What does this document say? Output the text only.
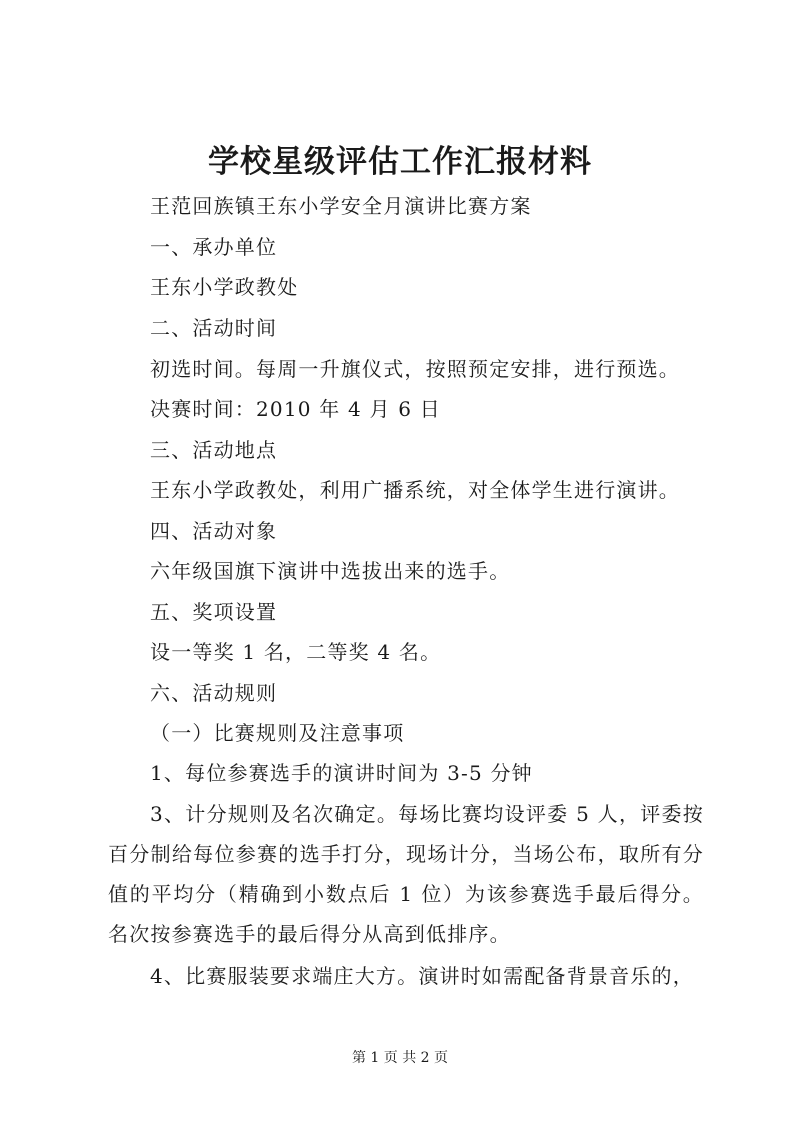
学校星级评估工作汇报材料
王范回族镇王东小学安全月演讲比赛方案
一、承办单位
王东小学政教处
二、活动时间
初选时间。每周一升旗仪式，按照预定安排，进行预选。
决赛时间：2010 年 4 月 6 日
三、活动地点
王东小学政教处，利用广播系统，对全体学生进行演讲。
四、活动对象
六年级国旗下演讲中选拔出来的选手。
五、奖项设置
设一等奖 1 名，二等奖 4 名。
六、活动规则
（一）比赛规则及注意事项
1、每位参赛选手的演讲时间为 3-5 分钟
3、计分规则及名次确定。每场比赛均设评委 5 人，评委按百分制给每位参赛的选手打分，现场计分，当场公布，取所有分值的平均分（精确到小数点后 1 位）为该参赛选手最后得分。名次按参赛选手的最后得分从高到低排序。
4、比赛服装要求端庄大方。演讲时如需配备背景音乐的，
第 1 页 共 2 页
